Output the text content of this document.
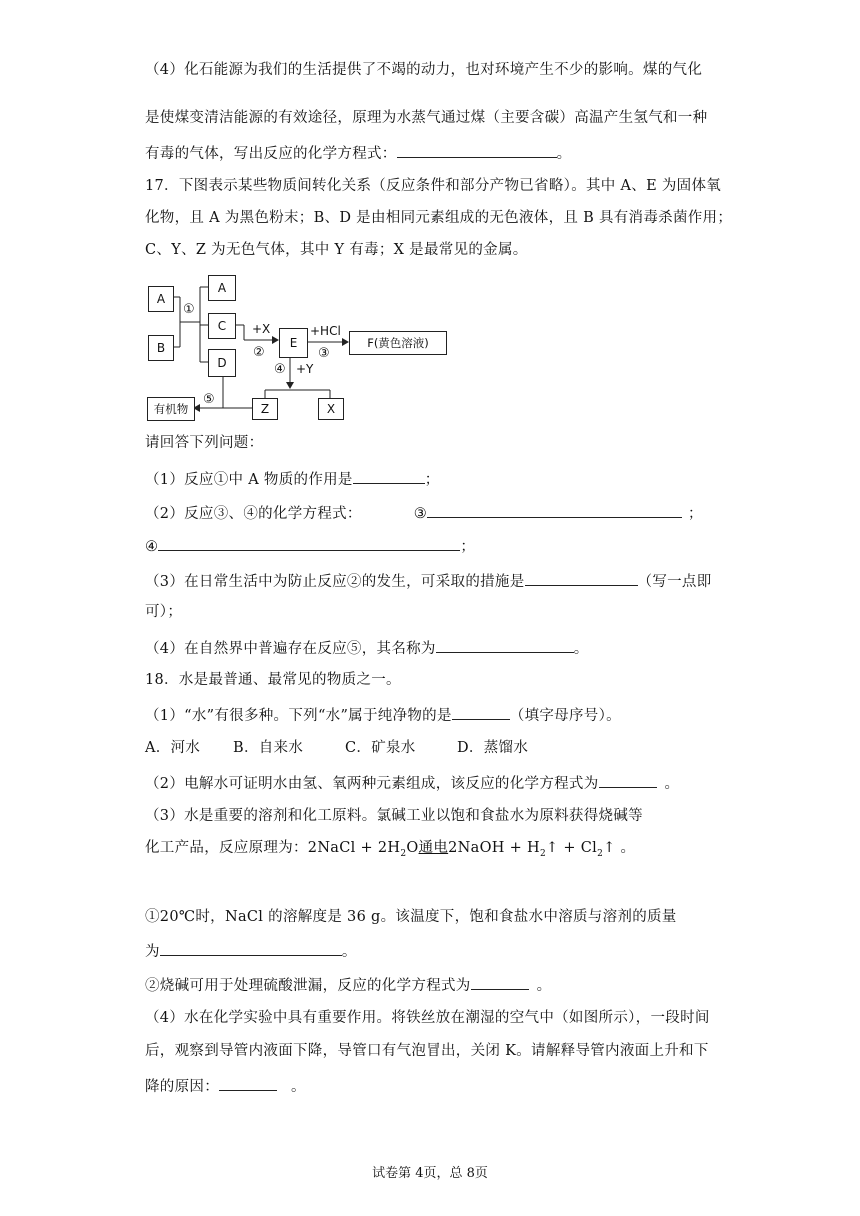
（4）化石能源为我们的生活提供了不竭的动力，也对环境产生不少的影响。煤的气化
是使煤变清洁能源的有效途径，原理为水蒸气通过煤（主要含碳）高温产生氢气和一种
有毒的气体，写出反应的化学方程式：	。
17．下图表示某些物质间转化关系（反应条件和部分产物已省略）。其中 A、E 为固体氧
化物，且 A 为黑色粉末；B、D 是由相同元素组成的无色液体，且 B 具有消毒杀菌作用；
C、Y、Z 为无色气体，其中 Y 有毒；X 是最常见的金属。
A
B
①
A
C
D
+X
②
E
+HCl
③
F(黄色溶液)
④ +Y
Z	X
⑤
有机物
请回答下列问题：
（1）反应①中 A 物质的作用是	；
（2）反应③、④的化学方程式：	③	；
④	；
（3）在日常生活中为防止反应②的发生，可采取的措施是	（写一点即
可）；
（4）在自然界中普遍存在反应⑤，其名称为	。
18．水是最普通、最常见的物质之一。
（1）“水”有很多种。下列“水”属于纯净物的是	（填字母序号）。
A．河水 B．自来水	C．矿泉水	D．蒸馏水
（2）电解水可证明水由氢、氧两种元素组成，该反应的化学方程式为	。
（3）水是重要的溶剂和化工原料。氯碱工业以饱和食盐水为原料获得烧碱等
化工产品，反应原理为：2NaCl + $2H_2O$通电2NaOH + $H_2↑$ + $Cl_2↑$ 。
①20℃时，NaCl 的溶解度是 36 g。该温度下，饱和食盐水中溶质与溶剂的质量
为	。
②烧碱可用于处理硫酸泄漏，反应的化学方程式为	。
（4）水在化学实验中具有重要作用。将铁丝放在潮湿的空气中（如图所示），一段时间
后，观察到导管内液面下降，导管口有气泡冒出，关闭 K。请解释导管内液面上升和下
降的原因：	。
试卷第 4页，总 8页
